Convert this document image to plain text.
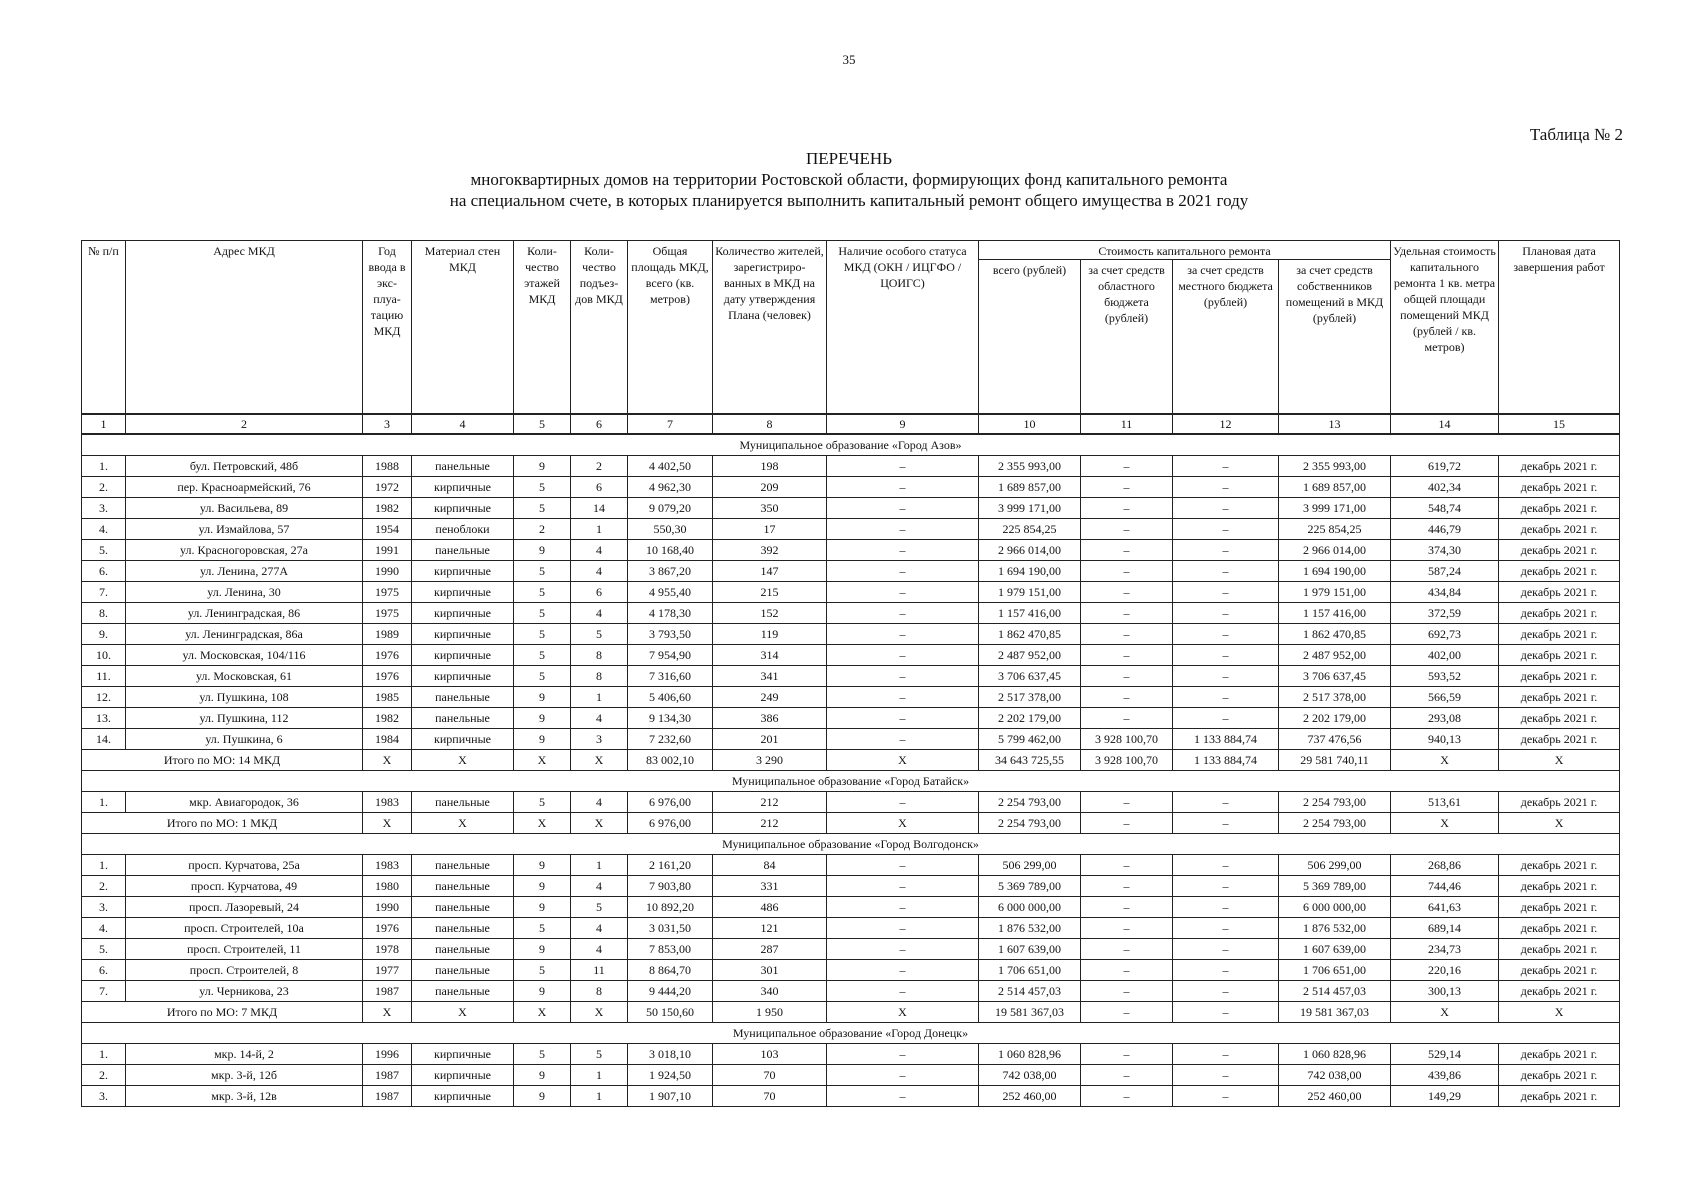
35
Таблица № 2
ПЕРЕЧЕНЬ
многоквартирных домов на территории Ростовской области, формирующих фонд капитального ремонта
на специальном счете, в которых планируется выполнить капитальный ремонт общего имущества в 2021 году
№ п/п	Адрес МКД	Год ввода в экс-плуа-тацию МКД	Материал стен МКД	Коли-чество этажей МКД	Коли-чество подъез-дов МКД	Общая площадь МКД, всего (кв. метров)	Количество жителей, зарегистриро-ванных в МКД на дату утверждения Плана (человек)	Наличие особого статуса МКД (ОКН / ИЦГФО / ЦОИГС)	Стоимость капитального ремонта				Удельная стоимость капитального ремонта 1 кв. метра общей площади помещений МКД (рублей / кв. метров)	Плановая дата завершения работ
									всего (рублей)	за счет средств областного бюджета (рублей)	за счет средств местного бюджета (рублей)	за счет средств собственников помещений в МКД (рублей)		
1	2	3	4	5	6	7	8	9	10	11	12	13	14	15
Муниципальное образование «Город Азов»														
1.	бул. Петровский, 48б	1988	панельные	9	2	4 402,50	198	–	2 355 993,00	–	–	2 355 993,00	619,72	декабрь 2021 г.
2.	пер. Красноармейский, 76	1972	кирпичные	5	6	4 962,30	209	–	1 689 857,00	–	–	1 689 857,00	402,34	декабрь 2021 г.
3.	ул. Васильева, 89	1982	кирпичные	5	14	9 079,20	350	–	3 999 171,00	–	–	3 999 171,00	548,74	декабрь 2021 г.
4.	ул. Измайлова, 57	1954	пеноблоки	2	1	550,30	17	–	225 854,25	–	–	225 854,25	446,79	декабрь 2021 г.
5.	ул. Красногоровская, 27а	1991	панельные	9	4	10 168,40	392	–	2 966 014,00	–	–	2 966 014,00	374,30	декабрь 2021 г.
6.	ул. Ленина, 277А	1990	кирпичные	5	4	3 867,20	147	–	1 694 190,00	–	–	1 694 190,00	587,24	декабрь 2021 г.
7.	ул. Ленина, 30	1975	кирпичные	5	6	4 955,40	215	–	1 979 151,00	–	–	1 979 151,00	434,84	декабрь 2021 г.
8.	ул. Ленинградская, 86	1975	кирпичные	5	4	4 178,30	152	–	1 157 416,00	–	–	1 157 416,00	372,59	декабрь 2021 г.
9.	ул. Ленинградская, 86а	1989	кирпичные	5	5	3 793,50	119	–	1 862 470,85	–	–	1 862 470,85	692,73	декабрь 2021 г.
10.	ул. Московская, 104/116	1976	кирпичные	5	8	7 954,90	314	–	2 487 952,00	–	–	2 487 952,00	402,00	декабрь 2021 г.
11.	ул. Московская, 61	1976	кирпичные	5	8	7 316,60	341	–	3 706 637,45	–	–	3 706 637,45	593,52	декабрь 2021 г.
12.	ул. Пушкина, 108	1985	панельные	9	1	5 406,60	249	–	2 517 378,00	–	–	2 517 378,00	566,59	декабрь 2021 г.
13.	ул. Пушкина, 112	1982	панельные	9	4	9 134,30	386	–	2 202 179,00	–	–	2 202 179,00	293,08	декабрь 2021 г.
14.	ул. Пушкина, 6	1984	кирпичные	9	3	7 232,60	201	–	5 799 462,00	3 928 100,70	1 133 884,74	737 476,56	940,13	декабрь 2021 г.
Итого по МО: 14 МКД		X	X	X	X	83 002,10	3 290	X	34 643 725,55	3 928 100,70	1 133 884,74	29 581 740,11	X	X
Муниципальное образование «Город Батайск»														
1.	мкр. Авиагородок, 36	1983	панельные	5	4	6 976,00	212	–	2 254 793,00	–	–	2 254 793,00	513,61	декабрь 2021 г.
Итого по МО: 1 МКД		X	X	X	X	6 976,00	212	X	2 254 793,00	–	–	2 254 793,00	X	X
Муниципальное образование «Город Волгодонск»														
1.	просп. Курчатова, 25а	1983	панельные	9	1	2 161,20	84	–	506 299,00	–	–	506 299,00	268,86	декабрь 2021 г.
2.	просп. Курчатова, 49	1980	панельные	9	4	7 903,80	331	–	5 369 789,00	–	–	5 369 789,00	744,46	декабрь 2021 г.
3.	просп. Лазоревый, 24	1990	панельные	9	5	10 892,20	486	–	6 000 000,00	–	–	6 000 000,00	641,63	декабрь 2021 г.
4.	просп. Строителей, 10а	1976	панельные	5	4	3 031,50	121	–	1 876 532,00	–	–	1 876 532,00	689,14	декабрь 2021 г.
5.	просп. Строителей, 11	1978	панельные	9	4	7 853,00	287	–	1 607 639,00	–	–	1 607 639,00	234,73	декабрь 2021 г.
6.	просп. Строителей, 8	1977	панельные	5	11	8 864,70	301	–	1 706 651,00	–	–	1 706 651,00	220,16	декабрь 2021 г.
7.	ул. Черникова, 23	1987	панельные	9	8	9 444,20	340	–	2 514 457,03	–	–	2 514 457,03	300,13	декабрь 2021 г.
Итого по МО: 7 МКД		X	X	X	X	50 150,60	1 950	X	19 581 367,03	–	–	19 581 367,03	X	X
Муниципальное образование «Город Донецк»														
1.	мкр. 14-й, 2	1996	кирпичные	5	5	3 018,10	103	–	1 060 828,96	–	–	1 060 828,96	529,14	декабрь 2021 г.
2.	мкр. 3-й, 12б	1987	кирпичные	9	1	1 924,50	70	–	742 038,00	–	–	742 038,00	439,86	декабрь 2021 г.
3.	мкр. 3-й, 12в	1987	кирпичные	9	1	1 907,10	70	–	252 460,00	–	–	252 460,00	149,29	декабрь 2021 г.
